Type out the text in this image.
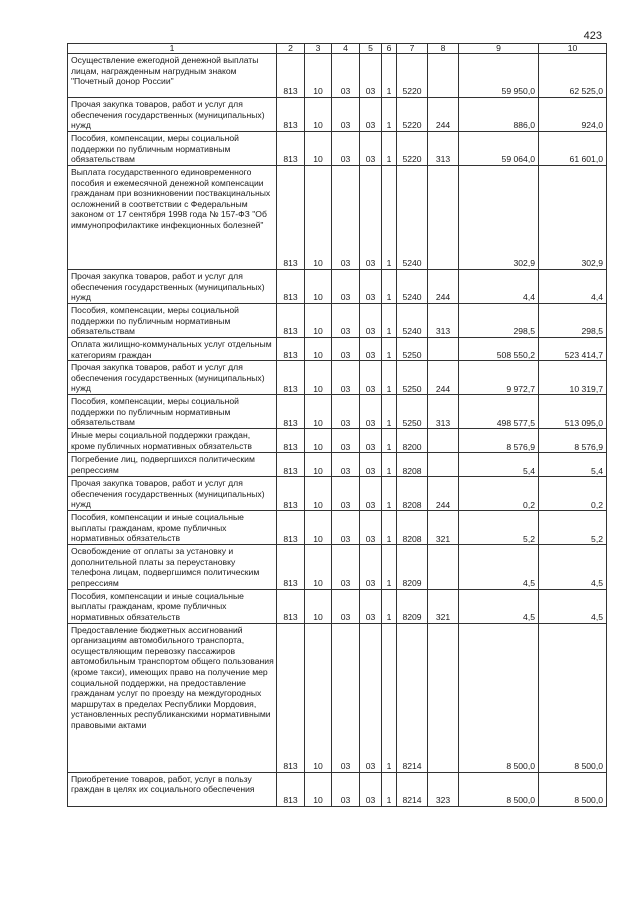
423
1	2	3	4	5	6	7	8	9	10
Осуществление ежегодной денежной выплаты лицам, награжденным нагрудным знаком "Почетный донор России"	813	10	03	03	1	5220		59 950,0	62 525,0
Прочая закупка товаров, работ и услуг для обеспечения государственных (муниципальных) нужд	813	10	03	03	1	5220	244	886,0	924,0
Пособия, компенсации, меры социальной поддержки по публичным нормативным обязательствам	813	10	03	03	1	5220	313	59 064,0	61 601,0
Выплата государственного единовременного пособия и ежемесячной денежной компенсации гражданам при возникновении поствакцинальных осложнений в соответствии с Федеральным законом от 17 сентября 1998 года № 157-ФЗ "Об иммунопрофилактике инфекционных болезней"	813	10	03	03	1	5240		302,9	302,9
Прочая закупка товаров, работ и услуг для обеспечения государственных (муниципальных) нужд	813	10	03	03	1	5240	244	4,4	4,4
Пособия, компенсации, меры социальной поддержки по публичным нормативным обязательствам	813	10	03	03	1	5240	313	298,5	298,5
Оплата жилищно-коммунальных услуг отдельным категориям граждан	813	10	03	03	1	5250		508 550,2	523 414,7
Прочая закупка товаров, работ и услуг для обеспечения государственных (муниципальных) нужд	813	10	03	03	1	5250	244	9 972,7	10 319,7
Пособия, компенсации, меры социальной поддержки по публичным нормативным обязательствам	813	10	03	03	1	5250	313	498 577,5	513 095,0
Иные меры социальной поддержки граждан, кроме публичных нормативных обязательств	813	10	03	03	1	8200		8 576,9	8 576,9
Погребение лиц, подвергшихся политическим репрессиям	813	10	03	03	1	8208		5,4	5,4
Прочая закупка товаров, работ и услуг для обеспечения государственных (муниципальных) нужд	813	10	03	03	1	8208	244	0,2	0,2
Пособия, компенсации и иные социальные выплаты гражданам, кроме публичных нормативных обязательств	813	10	03	03	1	8208	321	5,2	5,2
Освобождение от оплаты за установку и дополнительной платы за переустановку телефона лицам, подвергшимся политическим репрессиям	813	10	03	03	1	8209		4,5	4,5
Пособия, компенсации и иные социальные выплаты гражданам, кроме публичных нормативных обязательств	813	10	03	03	1	8209	321	4,5	4,5
Предоставление бюджетных ассигнований организациям автомобильного транспорта, осуществляющим перевозку пассажиров автомобильным транспортом общего пользования (кроме такси), имеющих право на получение мер социальной поддержки, на предоставление гражданам услуг по проезду на междугородных маршрутах в пределах Республики Мордовия, установленных республиканскими нормативными правовыми актами	813	10	03	03	1	8214		8 500,0	8 500,0
Приобретение товаров, работ, услуг в пользу граждан в целях их социального обеспечения	813	10	03	03	1	8214	323	8 500,0	8 500,0
